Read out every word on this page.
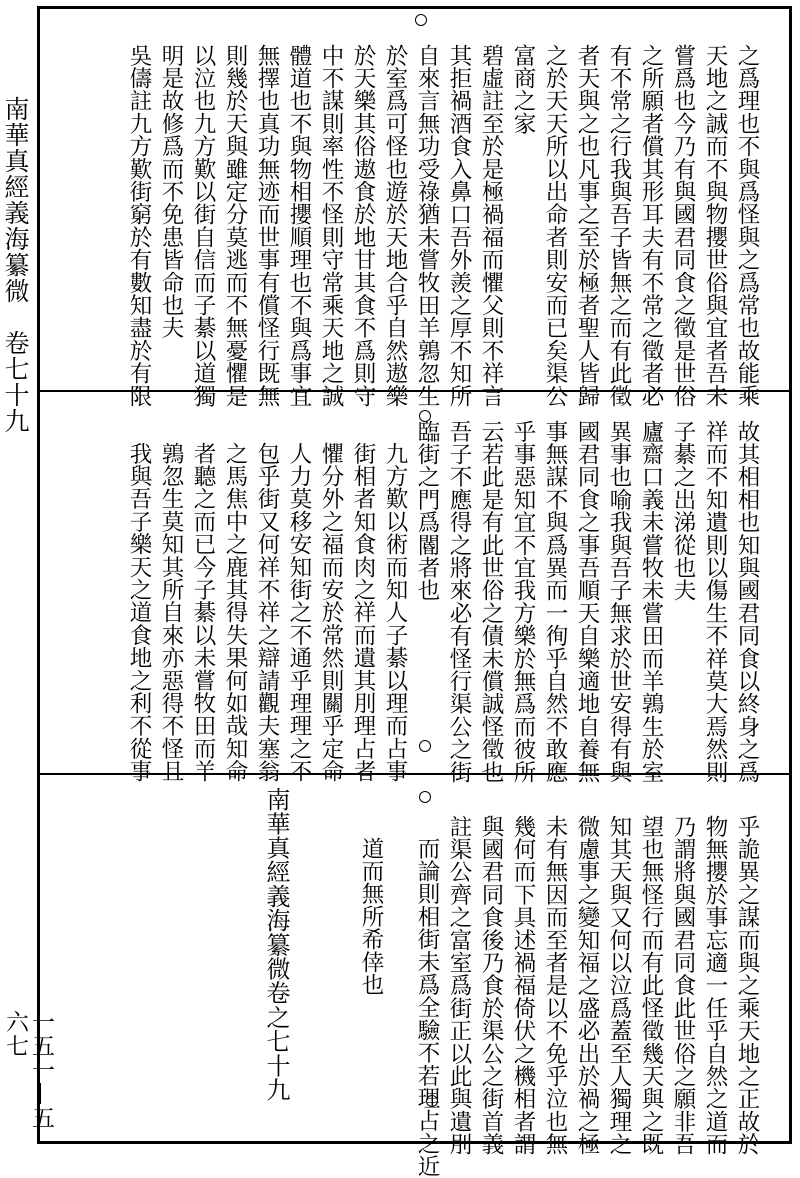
南華真經義海纂微　卷七十九
一五一—五六七
之爲理也不與爲怪與之爲常也故能乘
天地之誠而不與物攖世俗與宜者吾未
嘗爲也今乃有與國君同食之徵是世俗
之所願者償其形耳夫有不常之徵者必
有不常之行我與吾子皆無之而有此徵
者天與之也凡事之至於極者聖人皆歸
之於天天所以出命者則安而已矣渠公
富商之家
碧虛註至於是極禍福而懼父則不祥言
其拒禍酒食入鼻口吾外羨之厚不知所
自來言無功受祿猶未嘗牧田羊鶉忽生
於室爲可怪也遊於天地合乎自然遨樂
於天樂其俗遨食於地甘其食不爲則守
中不謀則率性不怪則守常乘天地之誠
體道也不與物相攖順理也不與爲事宜
無擇也真功無迹而世事有償怪行既無
則幾於天與雖定分莫逃而不無憂懼是
以泣也九方歎以街自信而子綦以道獨
明是故修爲而不免患皆命也夫
吳儔註九方歎街窮於有數知盡於有限
故其相相也知與國君同食以終身之爲
祥而不知遺則以傷生不祥莫大焉然則
子綦之出涕從也夫
廬齋口義未嘗牧未嘗田而羊鶉生於室
異事也喻我與吾子無求於世安得有與
國君同食之事吾順天自樂適地自養無
事無謀不與爲異而一徇乎自然不敢應
乎事惡知宜不宜我方樂於無爲而彼所
云若此是有此世俗之債未償誠怪徵也
吾子不應得之將來必有怪行渠公之街
臨街之門爲閽者也
九方歎以術而知人子綦以理而占事
街相者知食肉之祥而遺其刖理占者
懼分外之福而安於常然則關乎定命
人力莫移安知街之不通乎理理之不
包乎街又何祥不祥之辯請觀夫塞翁
之馬焦中之鹿其得失果何如哉知命
者聽之而已今子綦以未嘗牧田而羊
鶉忽生莫知其所自來亦惡得不怪且
我與吾子樂天之道食地之利不從事
乎詭異之謀而與之乘天地之正故於
物無攖於事忘適一任乎自然之道而
乃謂將與國君同食此世俗之願非吾
望也無怪行而有此怪徵幾天與之既
知其天與又何以泣爲蓋至人獨理之
微慮事之變知福之盛必出於禍之極
未有無因而至者是以不免乎泣也無
幾何而下具述禍福倚伏之機相者謂
與國君同食後乃食於渠公之街首義
註渠公齊之富室爲街正以此與遺刖
而論則相街未爲全驗不若理占之近
道而無所希倖也
南華真經義海纂微卷之七十九
